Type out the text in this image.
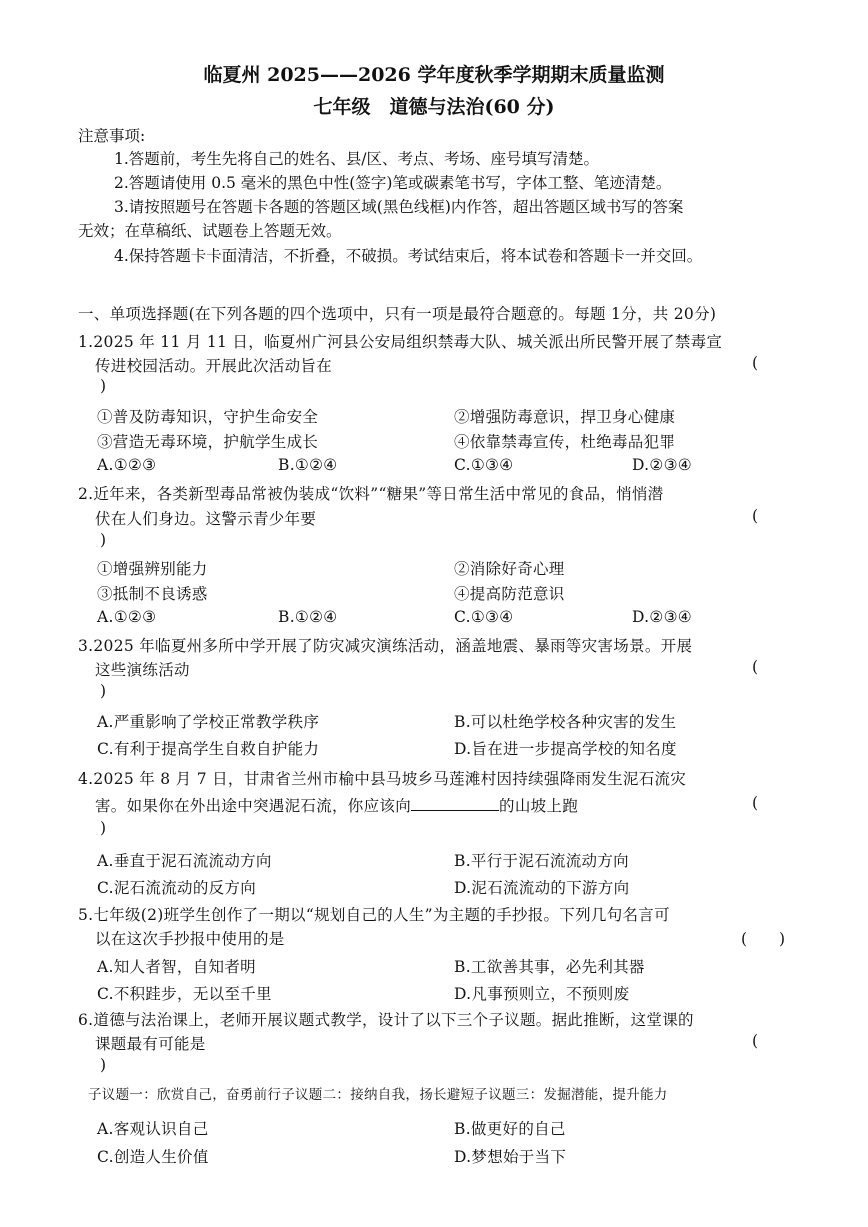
临夏州 2025——2026 学年度秋季学期期末质量监测
七年级　道德与法治(60 分)
注意事项:
1.答题前，考生先将自己的姓名、县/区、考点、考场、座号填写清楚。
2.答题请使用 0.5 毫米的黑色中性(签字)笔或碳素笔书写，字体工整、笔迹清楚。
3.请按照题号在答题卡各题的答题区域(黑色线框)内作答，超出答题区域书写的答案
无效；在草稿纸、试题卷上答题无效。
4.保持答题卡卡面清洁，不折叠，不破损。考试结束后，将本试卷和答题卡一并交回。
一、单项选择题(在下列各题的四个选项中，只有一项是最符合题意的。每题 1分，共 20分)
1.2025 年 11 月 11 日，临夏州广河县公安局组织禁毒大队、城关派出所民警开展了禁毒宣
传进校园活动。开展此次活动旨在	(
)
①普及防毒知识，守护生命安全	②增强防毒意识，捍卫身心健康
③营造无毒环境，护航学生成长	④依靠禁毒宣传，杜绝毒品犯罪
A.①②③	B.①②④	C.①③④	D.②③④
2.近年来，各类新型毒品常被伪装成“饮料”“糖果”等日常生活中常见的食品，悄悄潜
伏在人们身边。这警示青少年要	(
)
①增强辨别能力	②消除好奇心理
③抵制不良诱惑	④提高防范意识
A.①②③	B.①②④	C.①③④	D.②③④
3.2025 年临夏州多所中学开展了防灾减灾演练活动，涵盖地震、暴雨等灾害场景。开展
这些演练活动	(
)
A.严重影响了学校正常教学秩序	B.可以杜绝学校各种灾害的发生
C.有利于提高学生自救自护能力	D.旨在进一步提高学校的知名度
4.2025 年 8 月 7 日，甘肃省兰州市榆中县马坡乡马莲滩村因持续强降雨发生泥石流灾
害。如果你在外出途中突遇泥石流，你应该向	的山坡上跑	(
)
A.垂直于泥石流流动方向	B.平行于泥石流流动方向
C.泥石流流动的反方向	D.泥石流流动的下游方向
5.七年级(2)班学生创作了一期以“规划自己的人生”为主题的手抄报。下列几句名言可
以在这次手抄报中使用的是	(　　)
A.知人者智，自知者明	B.工欲善其事，必先利其器
C.不积跬步，无以至千里	D.凡事预则立，不预则废
6.道德与法治课上，老师开展议题式教学，设计了以下三个子议题。据此推断，这堂课的
课题最有可能是	(
)
子议题一：欣赏自己，奋勇前行子议题二：接纳自我，扬长避短子议题三：发掘潜能，提升能力
A.客观认识自己	B.做更好的自己
C.创造人生价值	D.梦想始于当下
